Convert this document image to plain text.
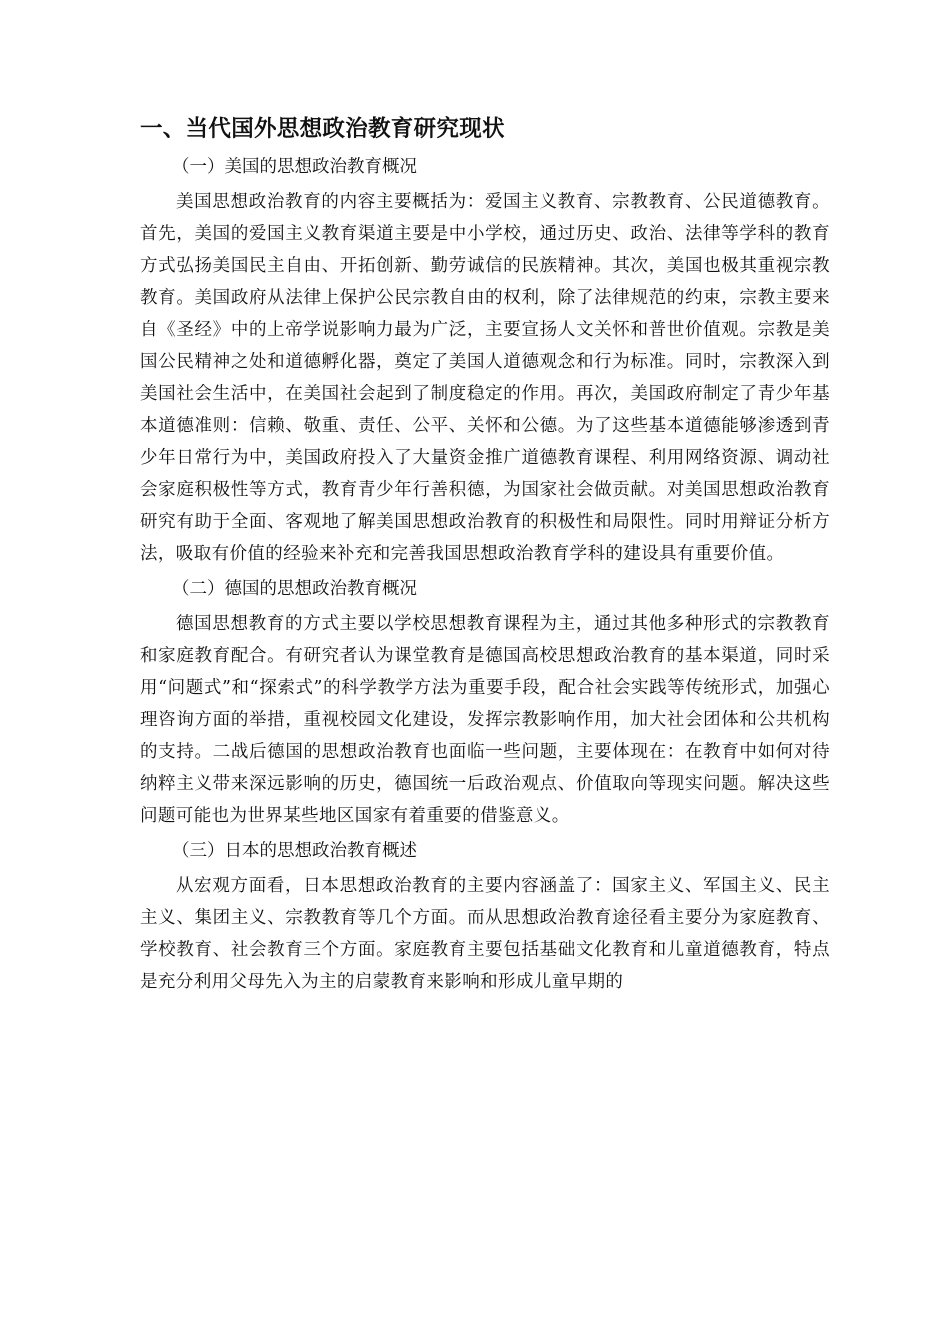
一、当代国外思想政治教育研究现状
（一）美国的思想政治教育概况

美国思想政治教育的内容主要概括为：爱国主义教育、宗教教育、公民道德教育。首先，美国的爱国主义教育渠道主要是中小学校，通过历史、政治、法律等学科的教育方式弘扬美国民主自由、开拓创新、勤劳诚信的民族精神。其次，美国也极其重视宗教教育。美国政府从法律上保护公民宗教自由的权利，除了法律规范的约束，宗教主要来自《圣经》中的上帝学说影响力最为广泛，主要宣扬人文关怀和普世价值观。宗教是美国公民精神之处和道德孵化器，奠定了美国人道德观念和行为标准。同时，宗教深入到美国社会生活中，在美国社会起到了制度稳定的作用。再次，美国政府制定了青少年基本道德准则：信赖、敬重、责任、公平、关怀和公德。为了这些基本道德能够渗透到青少年日常行为中，美国政府投入了大量资金推广道德教育课程、利用网络资源、调动社会家庭积极性等方式，教育青少年行善积德，为国家社会做贡献。对美国思想政治教育研究有助于全面、客观地了解美国思想政治教育的积极性和局限性。同时用辩证分析方法，吸取有价值的经验来补充和完善我国思想政治教育学科的建设具有重要价值。

（二）德国的思想政治教育概况

德国思想教育的方式主要以学校思想教育课程为主，通过其他多种形式的宗教教育和家庭教育配合。有研究者认为课堂教育是德国高校思想政治教育的基本渠道，同时采用“问题式”和“探索式”的科学教学方法为重要手段，配合社会实践等传统形式，加强心理咨询方面的举措，重视校园文化建设，发挥宗教影响作用，加大社会团体和公共机构的支持。二战后德国的思想政治教育也面临一些问题，主要体现在：在教育中如何对待纳粹主义带来深远影响的历史，德国统一后政治观点、价值取向等现实问题。解决这些问题可能也为世界某些地区国家有着重要的借鉴意义。

（三）日本的思想政治教育概述

从宏观方面看，日本思想政治教育的主要内容涵盖了：国家主义、军国主义、民主主义、集团主义、宗教教育等几个方面。而从思想政治教育途径看主要分为家庭教育、学校教育、社会教育三个方面。家庭教育主要包括基础文化教育和儿童道德教育，特点是充分利用父母先入为主的启蒙教育来影响和形成儿童早期的
